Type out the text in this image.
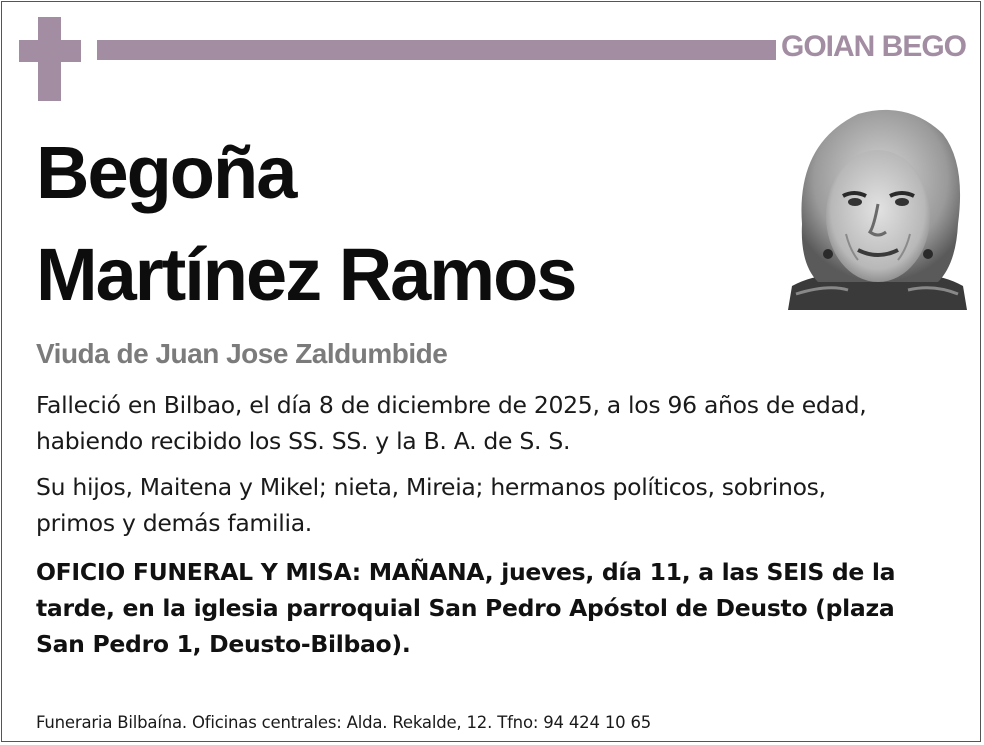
GOIAN BEGO
Begoña
Martínez Ramos
Viuda de Juan Jose Zaldumbide
Falleció en Bilbao, el día 8 de diciembre de 2025, a los 96 años de edad,
habiendo recibido los SS. SS. y la B. A. de S. S.
Su hijos, Maitena y Mikel; nieta, Mireia; hermanos políticos, sobrinos,
primos y demás familia.
OFICIO FUNERAL Y MISA: MAÑANA, jueves, día 11, a las SEIS de la
tarde, en la iglesia parroquial San Pedro Apóstol de Deusto (plaza
San Pedro 1, Deusto-Bilbao).
Funeraria Bilbaína. Oficinas centrales: Alda. Rekalde, 12. Tfno: 94 424 10 65
